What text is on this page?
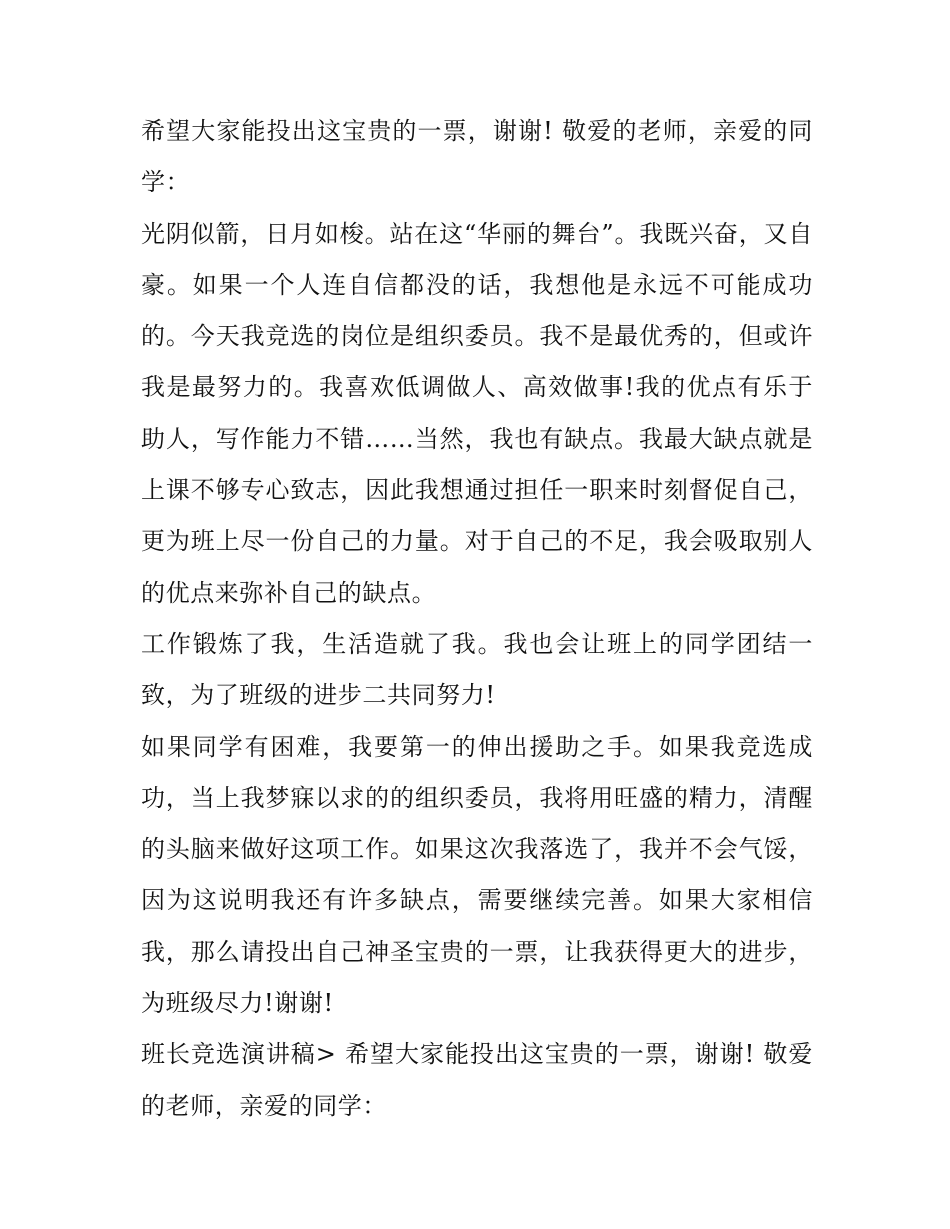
希望大家能投出这宝贵的一票，谢谢! 敬爱的老师，亲爱的同学：

光阴似箭，日月如梭。站在这“华丽的舞台”。我既兴奋，又自豪。如果一个人连自信都没的话，我想他是永远不可能成功的。今天我竞选的岗位是组织委员。我不是最优秀的，但或许我是最努力的。我喜欢低调做人、高效做事!我的优点有乐于助人，写作能力不错……当然，我也有缺点。我最大缺点就是上课不够专心致志，因此我想通过担任一职来时刻督促自己，更为班上尽一份自己的力量。对于自己的不足，我会吸取别人的优点来弥补自己的缺点。

工作锻炼了我，生活造就了我。我也会让班上的同学团结一致，为了班级的进步二共同努力!

如果同学有困难，我要第一的伸出援助之手。如果我竞选成功，当上我梦寐以求的的组织委员，我将用旺盛的精力，清醒的头脑来做好这项工作。如果这次我落选了，我并不会气馁，因为这说明我还有许多缺点，需要继续完善。如果大家相信我，那么请投出自己神圣宝贵的一票，让我获得更大的进步，为班级尽力!谢谢!

班长竞选演讲稿> 希望大家能投出这宝贵的一票，谢谢! 敬爱的老师，亲爱的同学：
